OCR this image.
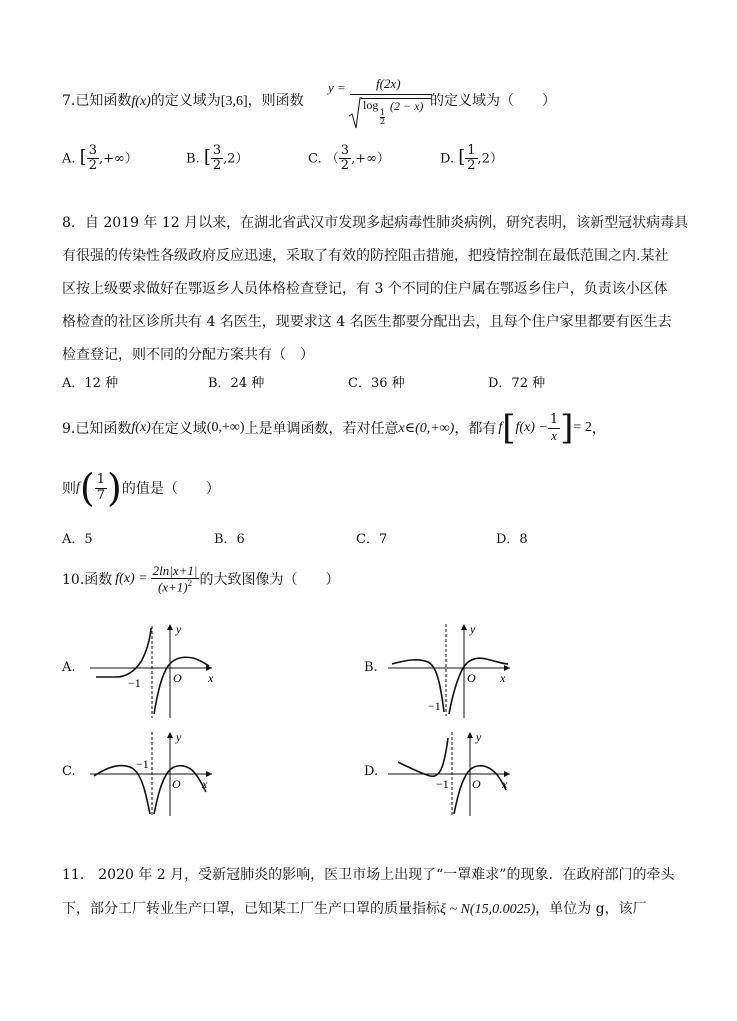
7.已知函数f(x)的定义域为[3,6]，则函数
y = f(2x)
log
$\frac{1}{2}$
(2 − x) 的定义域为（　　）
A. [ $\frac{3}{2}$ ,+∞）	B. [ $\frac{3}{2} ,2$）	C. （ $\frac{3}{2}$ ,+∞）	D. [ $\frac{1}{2} ,2$）
8．自 2019 年 12 月以来，在湖北省武汉市发现多起病毒性肺炎病例，研究表明，该新型冠状病毒具
有很强的传染性各级政府反应迅速，采取了有效的防控阻击措施，把疫情控制在最低范围之内.某社
区按上级要求做好在鄂返乡人员体格检查登记，有 3 个不同的住户属在鄂返乡住户，负责该小区体
格检查的社区诊所共有 4 名医生，现要求这 4 名医生都要分配出去，且每个住户家里都要有医生去
检查登记，则不同的分配方案共有（　）
A．12 种	B．24 种	C．36 种	D．72 种
9.已知函数 f(x) 在定义域 (0,+∞) 上是单调函数，若对任意 x∈(0,+∞) ，都有 f [ $f(x) - \frac{1}{x}$ ] = 2 ，
则 f ( $\frac{1}{7}$ ) 的值是（　　）
A．5	B．6	C．7	D．8
10.函数 $f(x) = \frac{2\ln|x+1|}{(x+1)^2}$ 的大致图像为（　　）
A.
−1	O x
y
B.
−1
O x
y
C.	−1
O x
y
D.
−1 O x
y
11.　2020 年 2 月，受新冠肺炎的影响，医卫市场上出现了“一罩难求”的现象．在政府部门的牵头
下，部分工厂转业生产口罩，已知某工厂生产口罩的质量指标ξ ~ N(15,0.0025)，单位为 g，该厂
